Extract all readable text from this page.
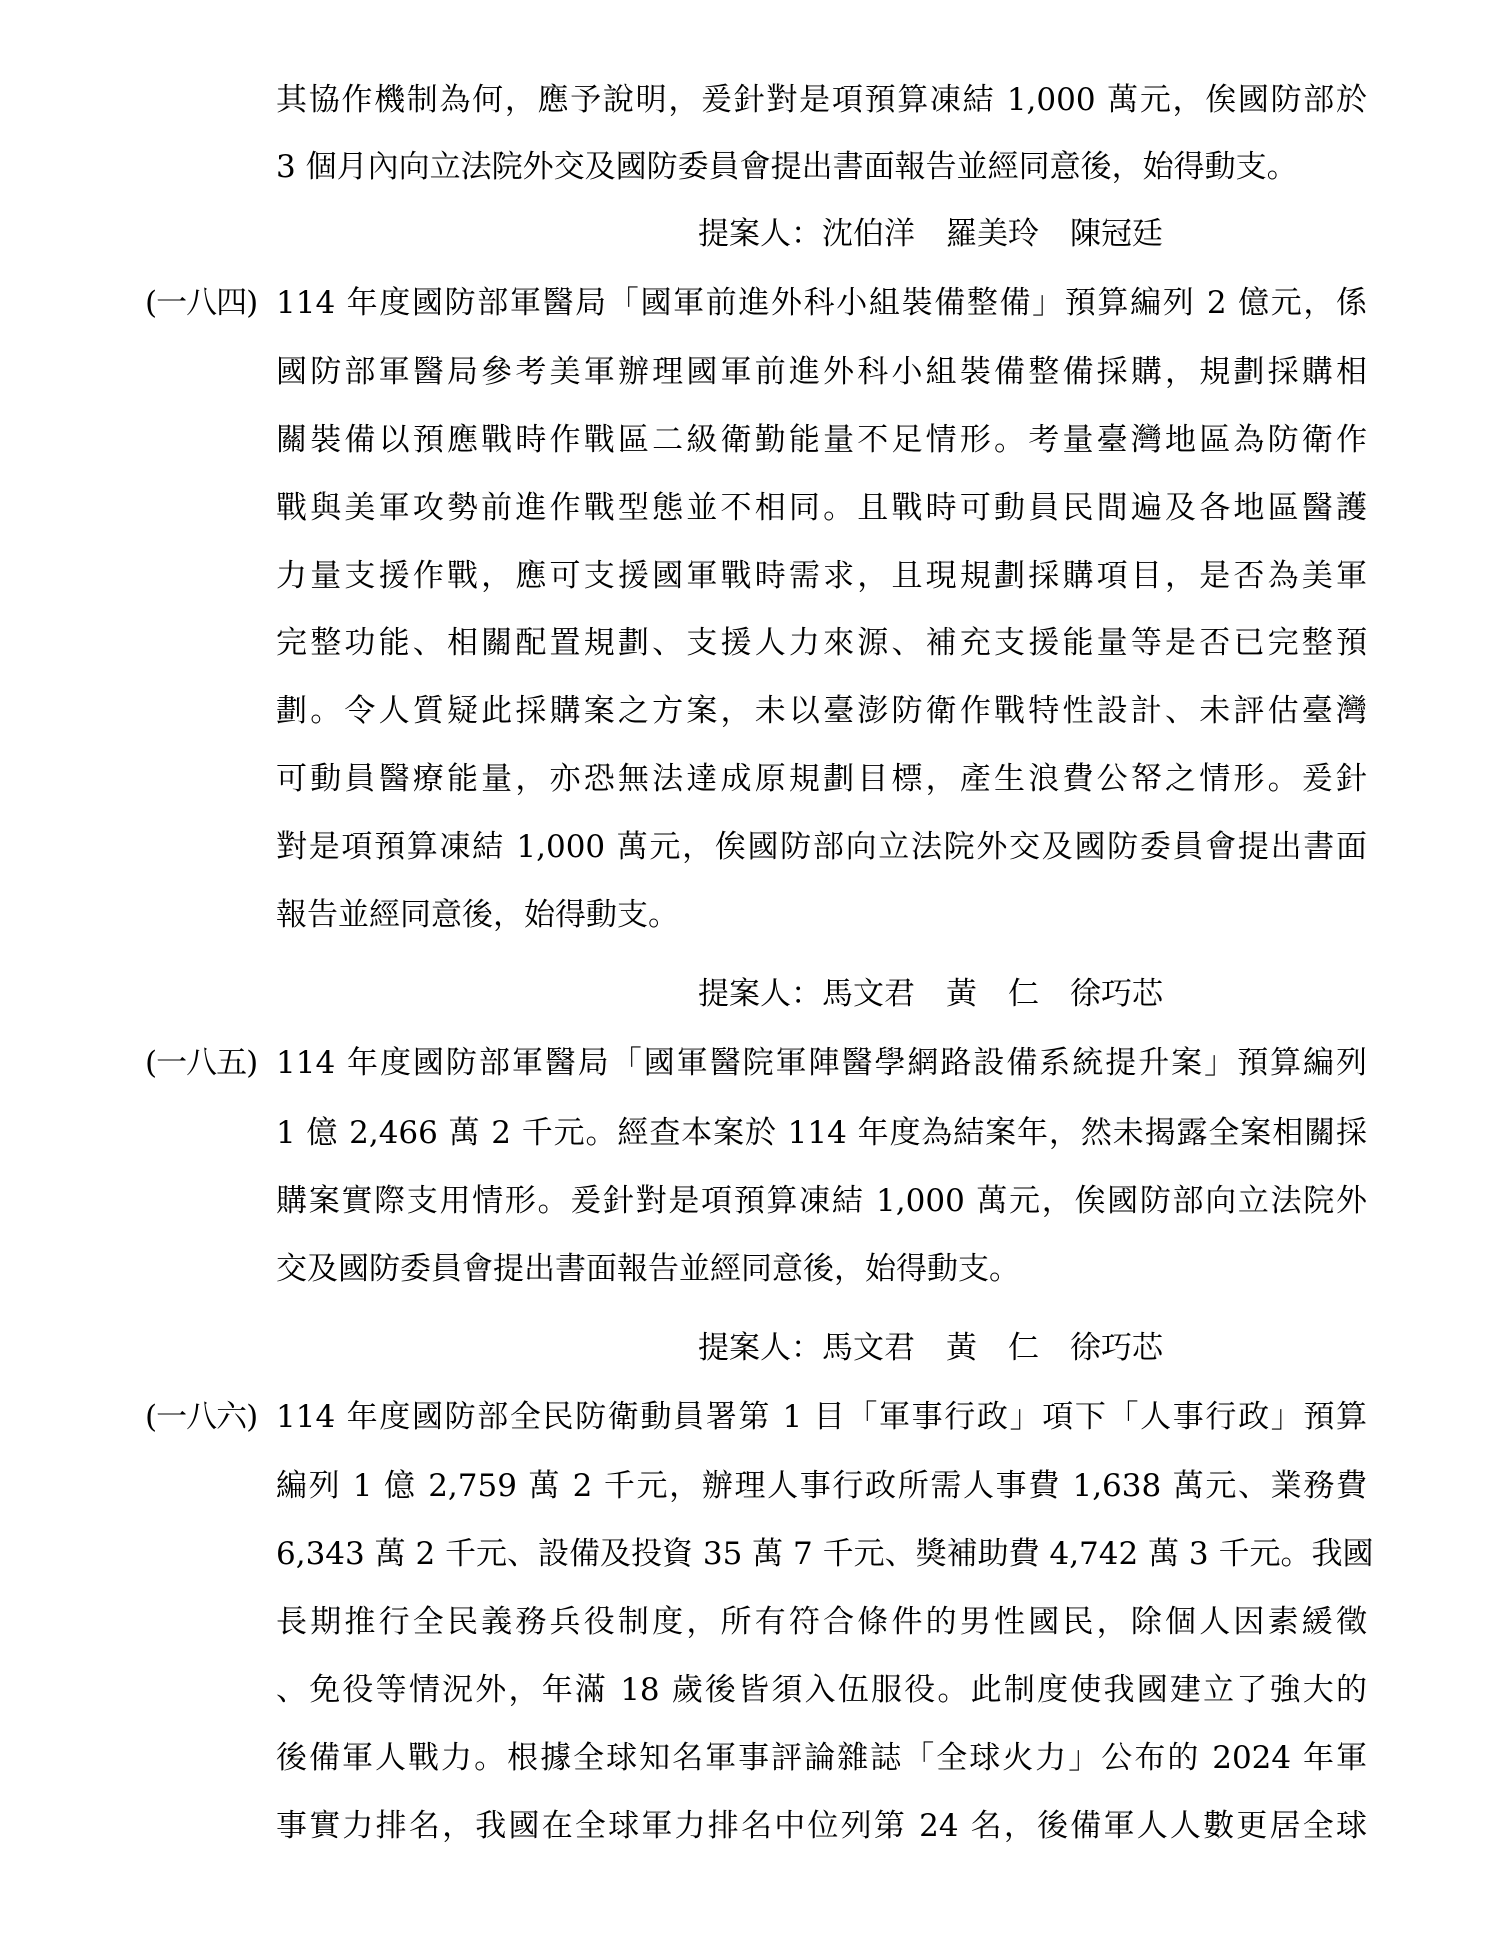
其協作機制為何，應予說明，爰針對是項預算凍結 1,000 萬元，俟國防部於
3 個月內向立法院外交及國防委員會提出書面報告並經同意後，始得動支。
提案人：沈伯洋　羅美玲　陳冠廷
(一八四) 114 年度國防部軍醫局「國軍前進外科小組裝備整備」預算編列 2 億元，係
國防部軍醫局參考美軍辦理國軍前進外科小組裝備整備採購，規劃採購相
關裝備以預應戰時作戰區二級衛勤能量不足情形。考量臺灣地區為防衛作
戰與美軍攻勢前進作戰型態並不相同。且戰時可動員民間遍及各地區醫護
力量支援作戰，應可支援國軍戰時需求，且現規劃採購項目，是否為美軍
完整功能、相關配置規劃、支援人力來源、補充支援能量等是否已完整預
劃。令人質疑此採購案之方案，未以臺澎防衛作戰特性設計、未評估臺灣
可動員醫療能量，亦恐無法達成原規劃目標，產生浪費公帑之情形。爰針
對是項預算凍結 1,000 萬元，俟國防部向立法院外交及國防委員會提出書面
報告並經同意後，始得動支。
提案人：馬文君　黃　仁　徐巧芯
(一八五) 114 年度國防部軍醫局「國軍醫院軍陣醫學網路設備系統提升案」預算編列
1 億 2,466 萬 2 千元。經查本案於 114 年度為結案年，然未揭露全案相關採
購案實際支用情形。爰針對是項預算凍結 1,000 萬元，俟國防部向立法院外
交及國防委員會提出書面報告並經同意後，始得動支。
提案人：馬文君　黃　仁　徐巧芯
(一八六) 114 年度國防部全民防衛動員署第 1 目「軍事行政」項下「人事行政」預算
編列 1 億 2,759 萬 2 千元，辦理人事行政所需人事費 1,638 萬元、業務費
6,343 萬 2 千元、設備及投資 35 萬 7 千元、獎補助費 4,742 萬 3 千元。我國
長期推行全民義務兵役制度，所有符合條件的男性國民，除個人因素緩徵
、免役等情況外，年滿 18 歲後皆須入伍服役。此制度使我國建立了強大的
後備軍人戰力。根據全球知名軍事評論雜誌「全球火力」公布的 2024 年軍
事實力排名，我國在全球軍力排名中位列第 24 名，後備軍人人數更居全球
